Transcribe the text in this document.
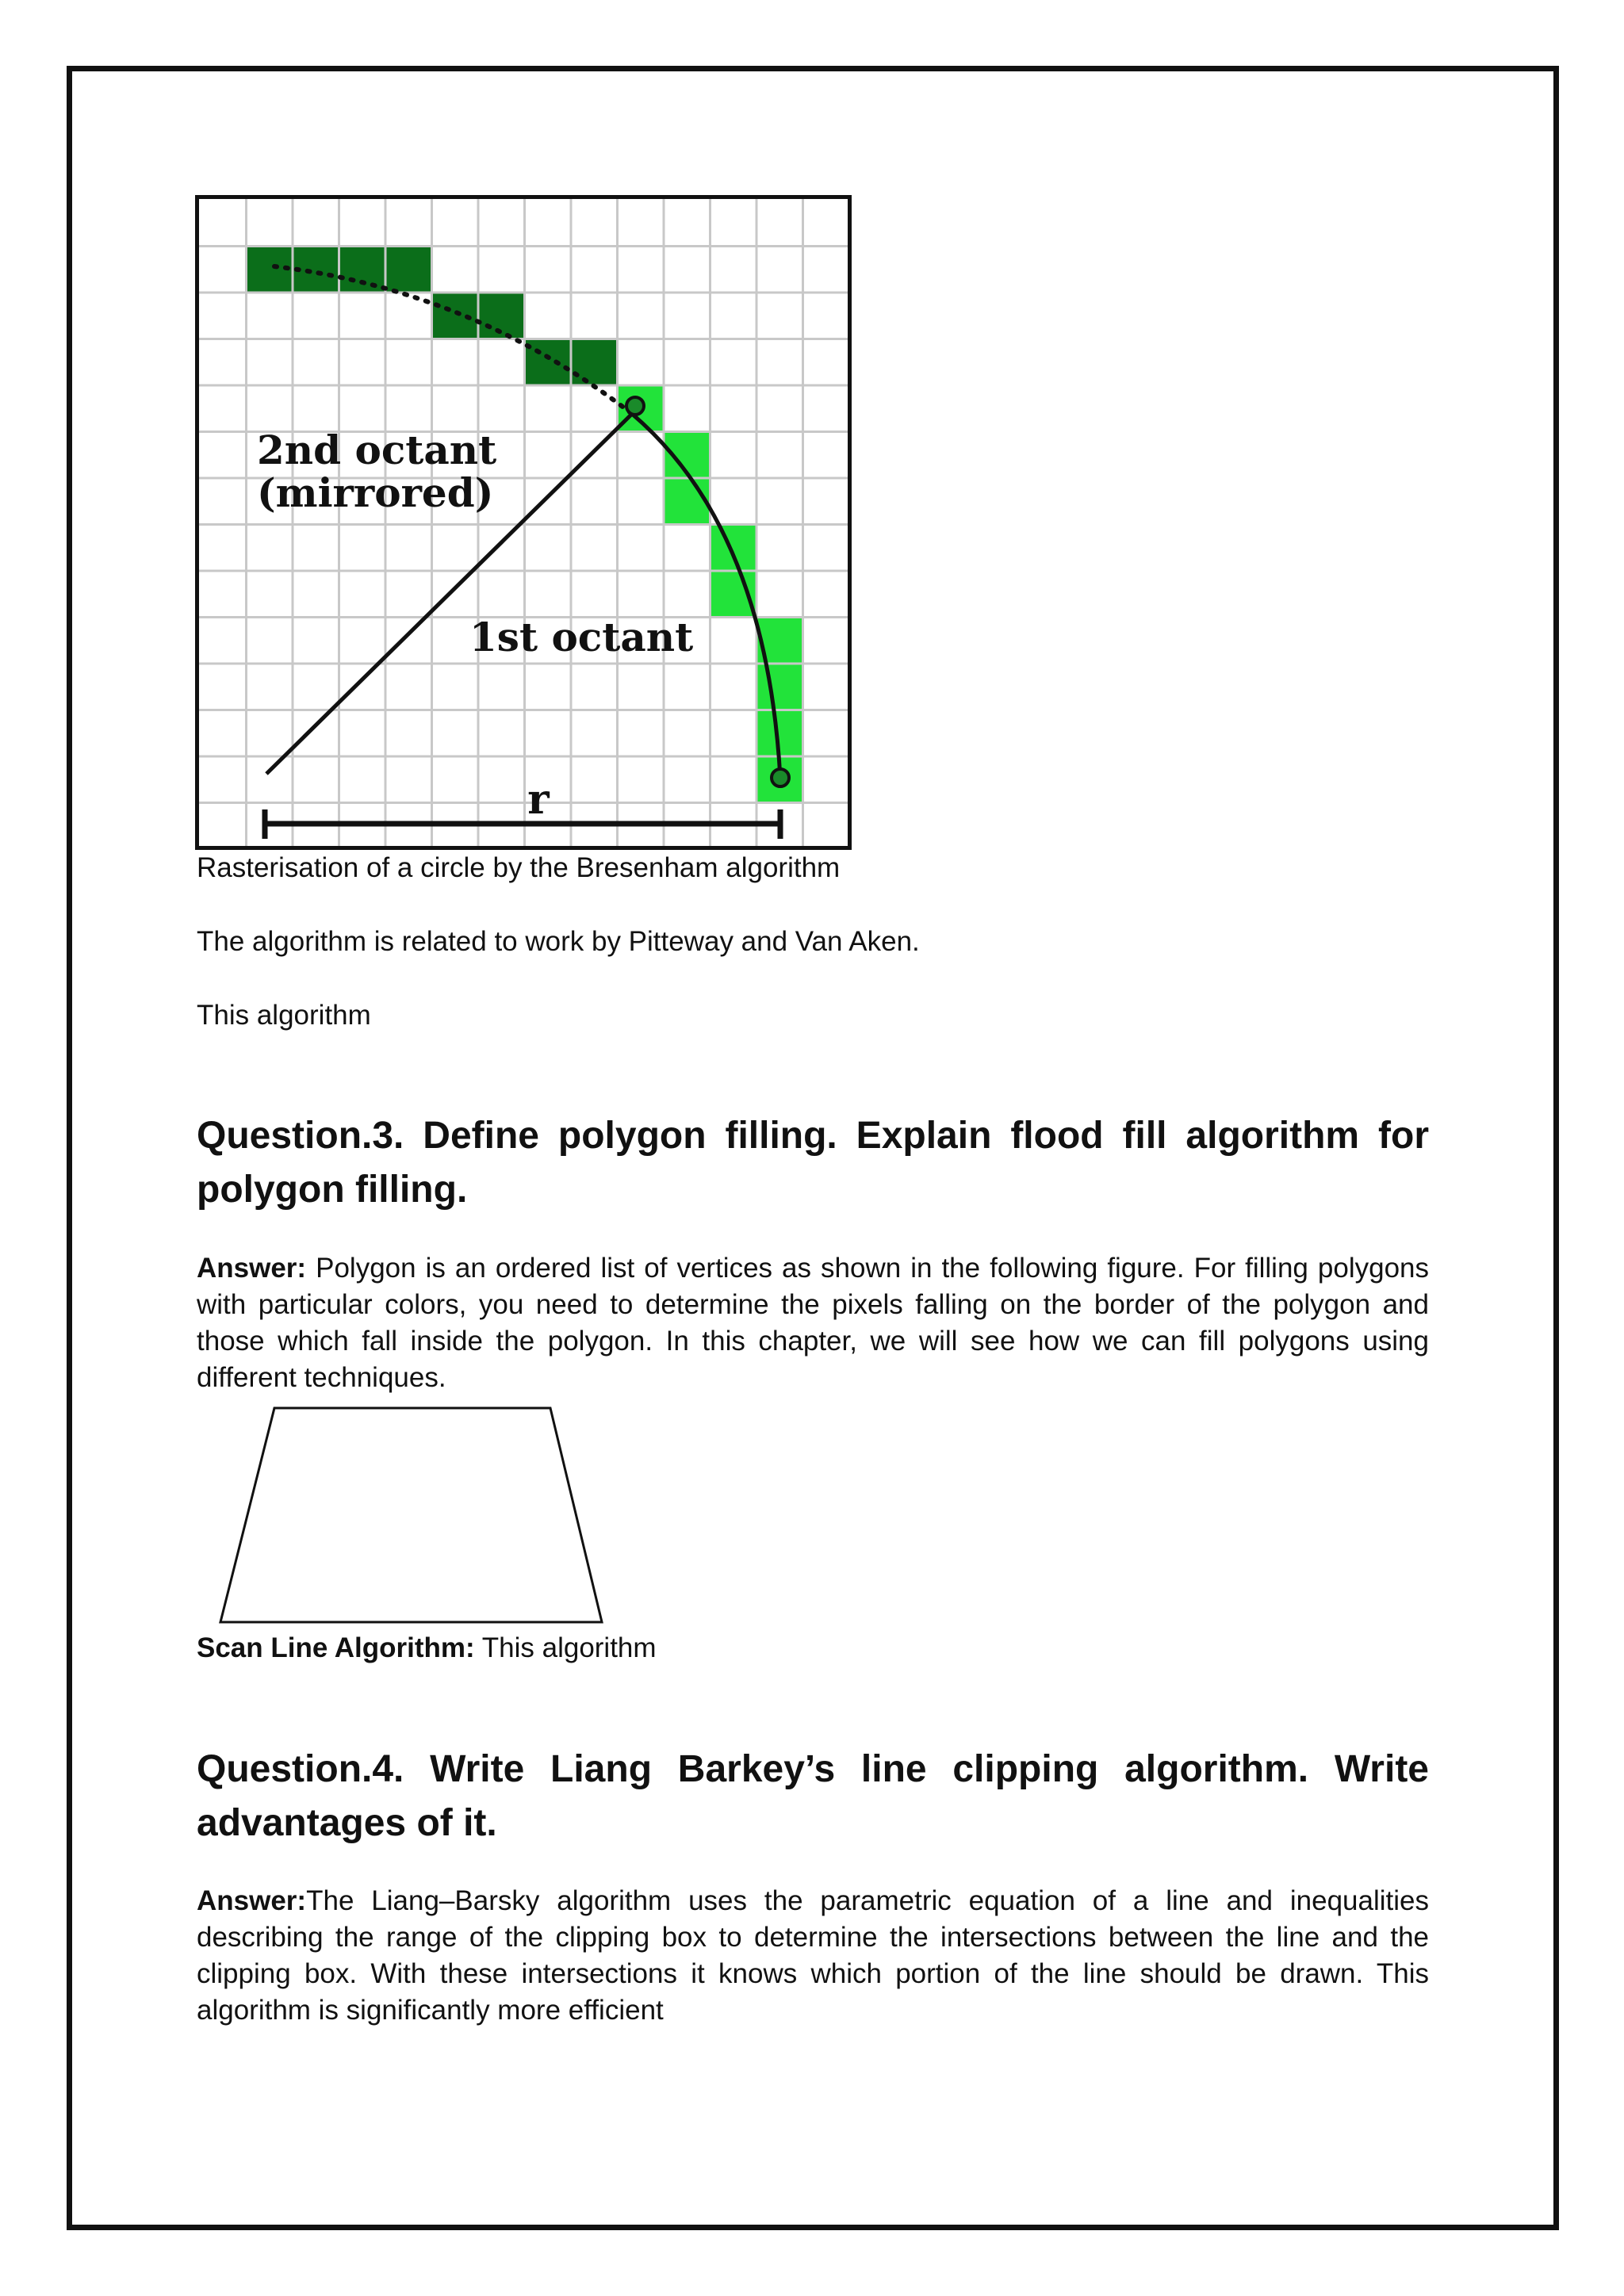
r
2nd octant
(mirrored)
1st octant
Rasterisation of a circle by the Bresenham algorithm
The algorithm is related to work by Pitteway and Van Aken.
This algorithm
Question.3. Define polygon filling. Explain flood fill algorithm for polygon filling.
Answer: Polygon is an ordered list of vertices as shown in the following figure. For filling polygons with particular colors, you need to determine the pixels falling on the border of the polygon and those which fall inside the polygon. In this chapter, we will see how we can fill polygons using different techniques.
Scan Line Algorithm: This algorithm
Question.4. Write Liang Barkey’s line clipping algorithm. Write advantages of it.
Answer:The Liang–Barsky algorithm uses the parametric equation of a line and inequalities describing the range of the clipping box to determine the intersections between the line and the clipping box. With these intersections it knows which portion of the line should be drawn. This algorithm is significantly more efficient
